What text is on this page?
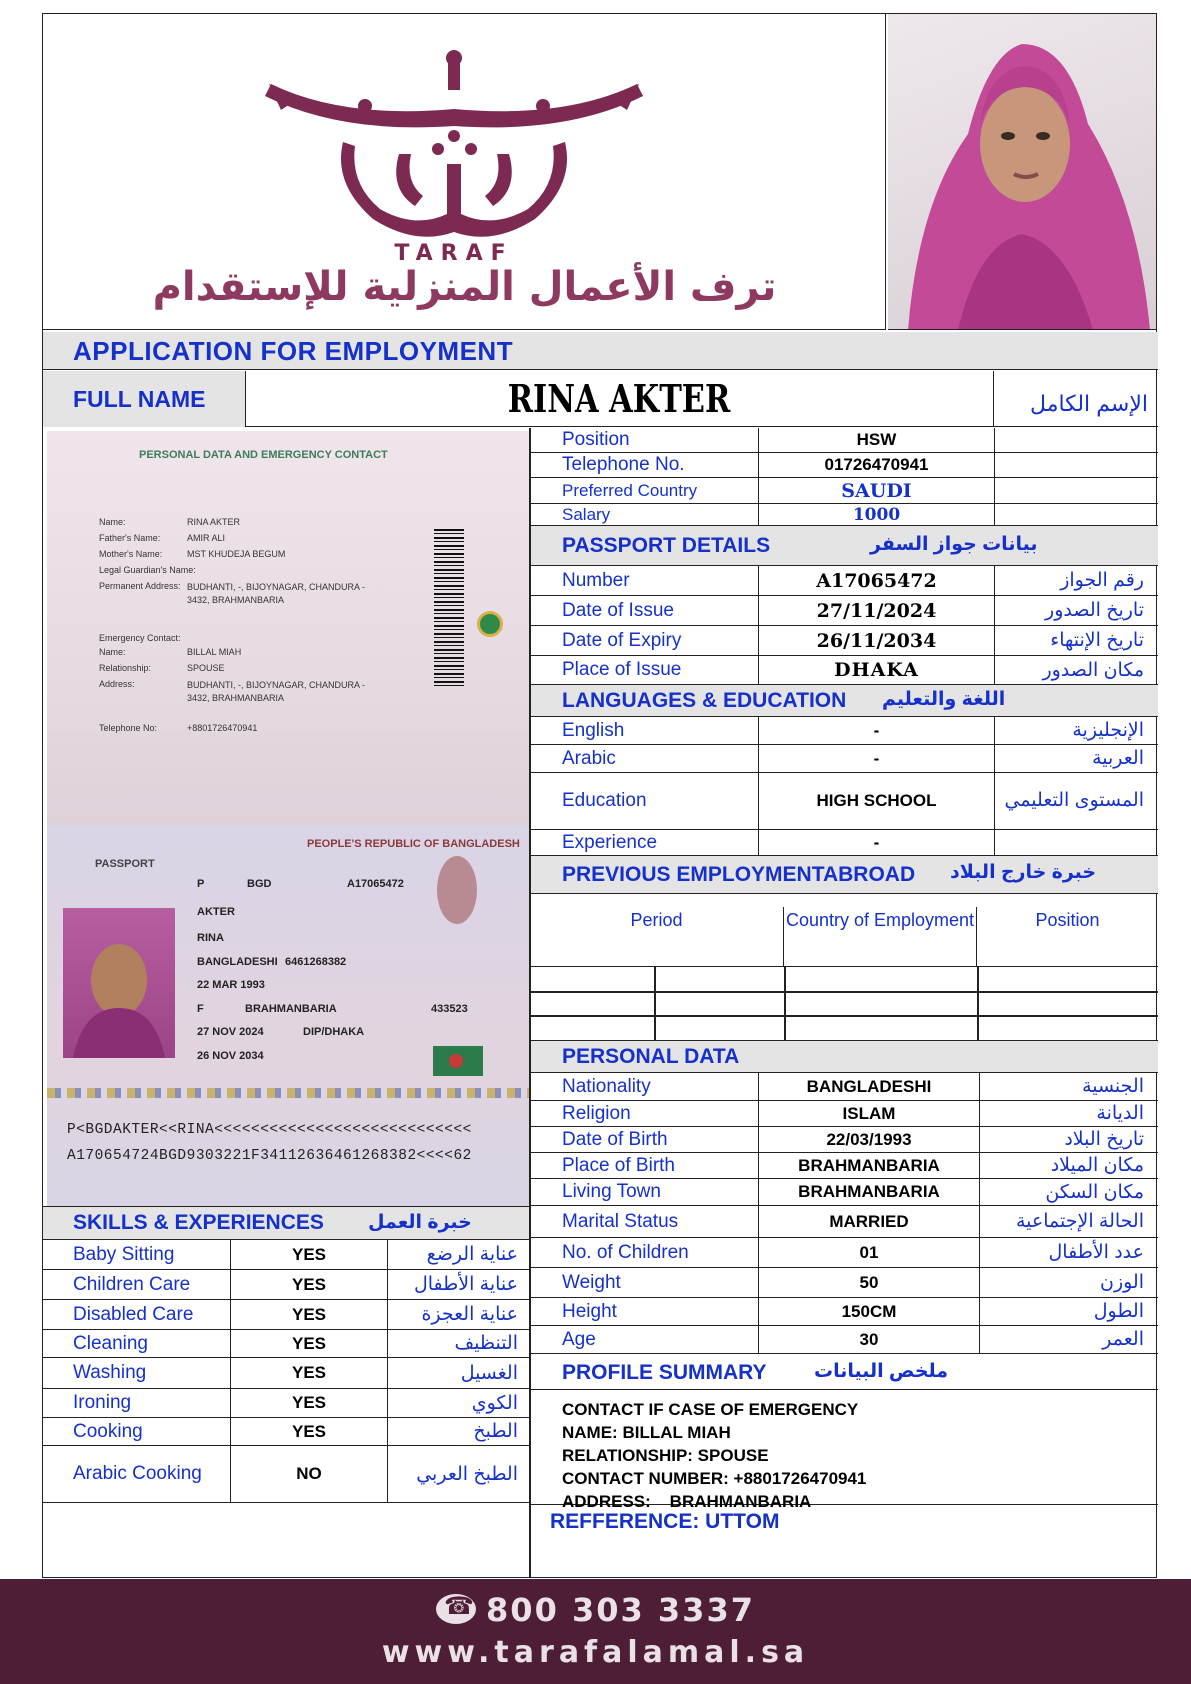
TARAF
ترف الأعمال المنزلية للإستقدام
APPLICATION FOR EMPLOYMENT
FULL NAME	RINA AKTER	الإسم الكامل
PERSONAL DATA AND EMERGENCY CONTACT
Name:	RINA AKTER
Father's Name:	AMIR ALI
Mother's Name:	MST KHUDEJA BEGUM
Legal Guardian's Name:
Permanent Address: BUDHANTI, -, BIJOYNAGAR, CHANDURA - 3432, BRAHMANBARIA
Emergency Contact:
Name:	BILLAL MIAH
Relationship:	SPOUSE
Address:	BUDHANTI, -, BIJOYNAGAR, CHANDURA - 3432, BRAHMANBARIA
Telephone No:	+8801726470941
PEOPLE'S REPUBLIC OF BANGLADESH
PASSPORT
P	BGD	A17065472
AKTER
RINA
BANGLADESHI 6461268382
22 MAR 1993
F	BRAHMANBARIA	433523
27 NOV 2024	DIP/DHAKA
26 NOV 2034
P<BGDAKTER<<RINA<<<<<<<<<<<<<<<<<<<<<<<<<<<<
A170654724BGD9303221F34112636461268382<<<<62
Position	HSW
Telephone No.	01726470941
Preferred Country	SAUDI
Salary	1000
PASSPORT DETAILS	بيانات جواز السفر
Number	A17065472	رقم الجواز
Date of Issue	27/11/2024	تاريخ الصدور
Date of Expiry	26/11/2034	تاريخ الإنتهاء
Place of Issue	DHAKA	مكان الصدور
LANGUAGES & EDUCATION اللغة والتعليم
English	-	الإنجليزية
Arabic	-	العربية
Education	HIGH SCHOOL	المستوى التعليمي
Experience	-
PREVIOUS EMPLOYMENTABROAD خبرة خارج البلاد
Period	Country of Employment	Position
PERSONAL DATA
Nationality	BANGLADESHI	الجنسية
Religion	ISLAM	الديانة
Date of Birth	22/03/1993	تاريخ البلاد
Place of Birth	BRAHMANBARIA	مكان الميلاد
Living Town	BRAHMANBARIA	مكان السكن
Marital Status	MARRIED	الحالة الإجتماعية
No. of Children	01	عدد الأطفال
Weight	50	الوزن
Height	150CM	الطول
Age	30	العمر
PROFILE SUMMARY ملخص البيانات
CONTACT IF CASE OF EMERGENCY
NAME: BILLAL MIAH
RELATIONSHIP: SPOUSE
CONTACT NUMBER: +8801726470941
ADDRESS:    BRAHMANBARIA
REFFERENCE: UTTOM
SKILLS & EXPERIENCES خبرة العمل
Baby Sitting	YES	عناية الرضع
Children Care	YES	عناية الأطفال
Disabled Care	YES	عناية العجزة
Cleaning	YES	التنظيف
Washing	YES	الغسيل
Ironing	YES	الكوي
Cooking	YES	الطبخ
Arabic Cooking	NO	الطبخ العربي
☎800 303 3337
www.tarafalamal.sa
